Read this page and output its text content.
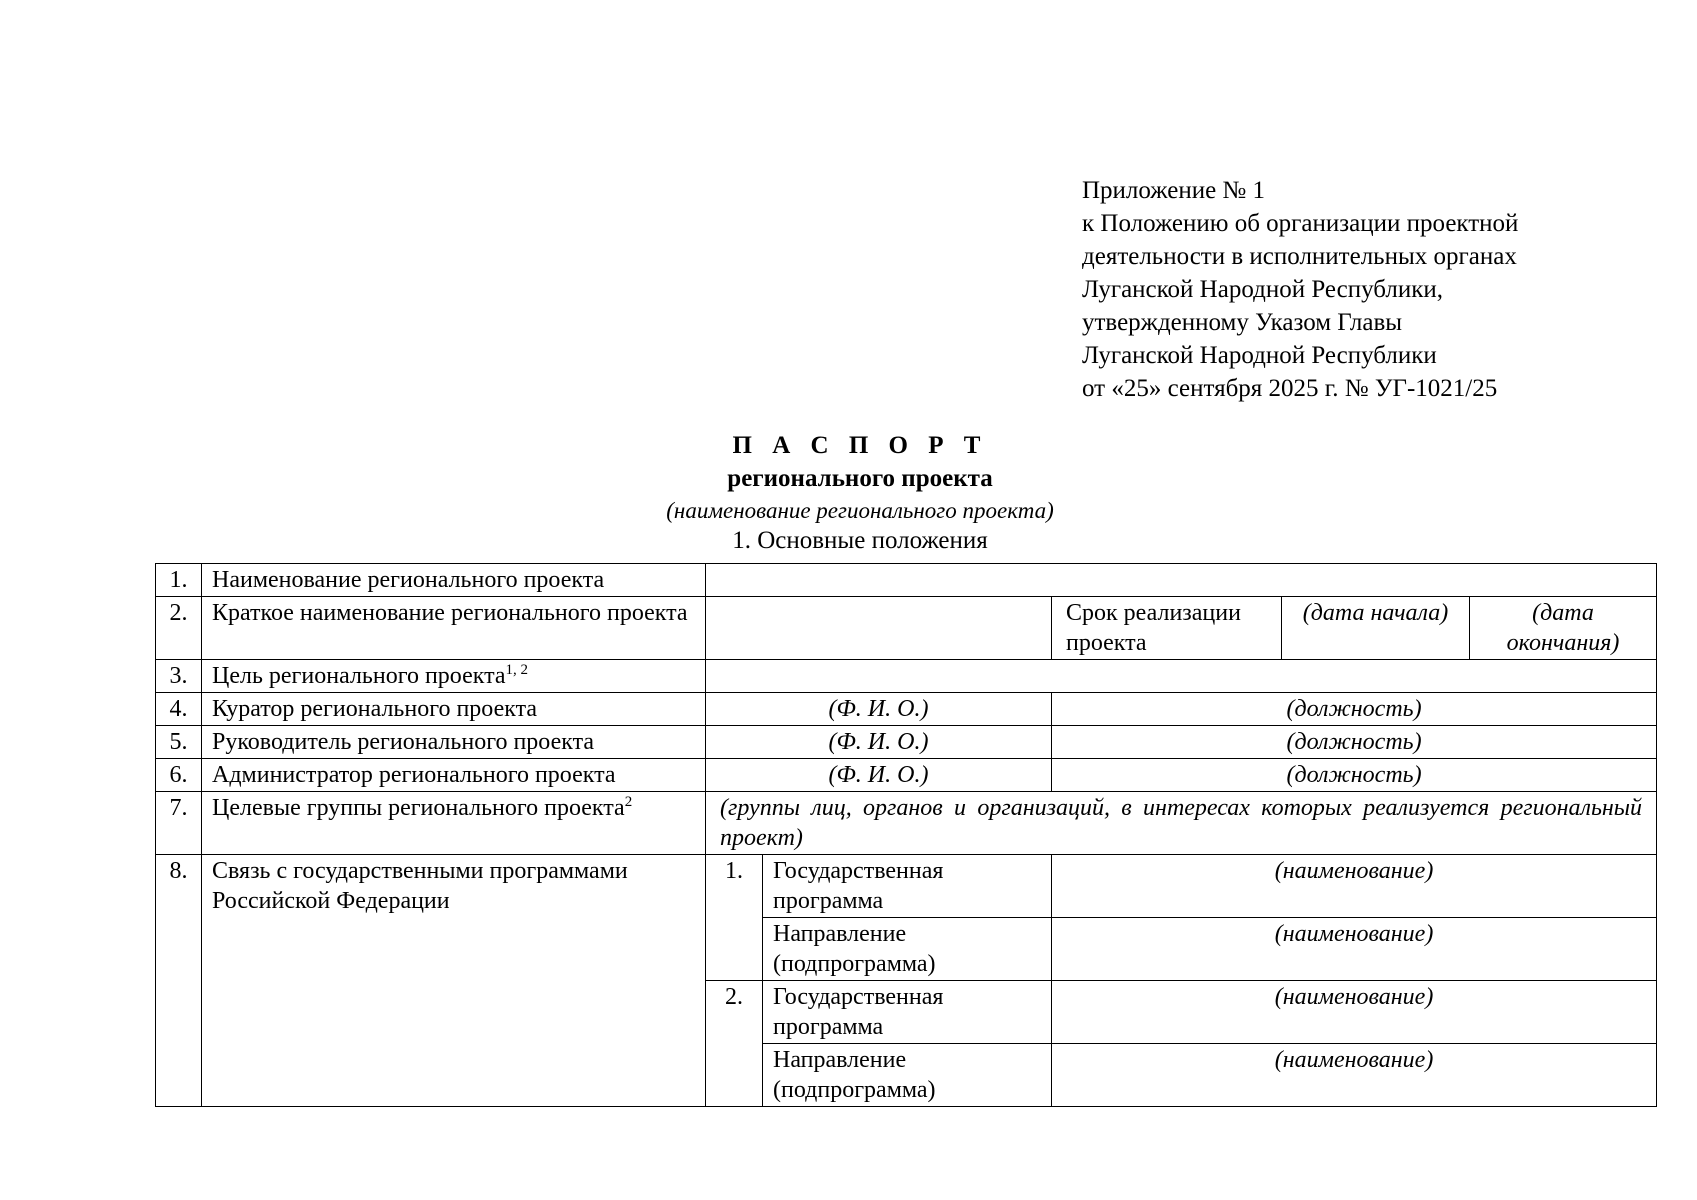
Приложение № 1
к Положению об организации проектной
деятельности в исполнительных органах
Луганской Народной Республики,
утвержденному Указом Главы
Луганской Народной Республики
от «25» сентября 2025 г. № УГ-1021/25
П А С П О Р Т
регионального проекта
(наименование регионального проекта)
1. Основные положения
1.	Наименование регионального проекта					
2.	Краткое наименование регионального проекта			Срок реализации проекта	(дата начала)	(дата окончания)
3.	Цель регионального проекта$^{1, 2}$	
4.	Куратор регионального проекта	(Ф. И. О.)		(должность)		
5.	Руководитель регионального проекта	(Ф. И. О.)		(должность)		
6.	Администратор регионального проекта	(Ф. И. О.)		(должность)		
7.	Целевые группы регионального проекта$^2$	(группы лиц, органов и организаций, в интересах которых реализуется региональный проект)				
8.	Связь с государственными программами Российской Федерации	1.	Государственная программа	(наименование)		
			Направление (подпрограмма)	(наименование)		
		2.	Государственная программа	(наименование)		
			Направление (подпрограмма)	(наименование)		
